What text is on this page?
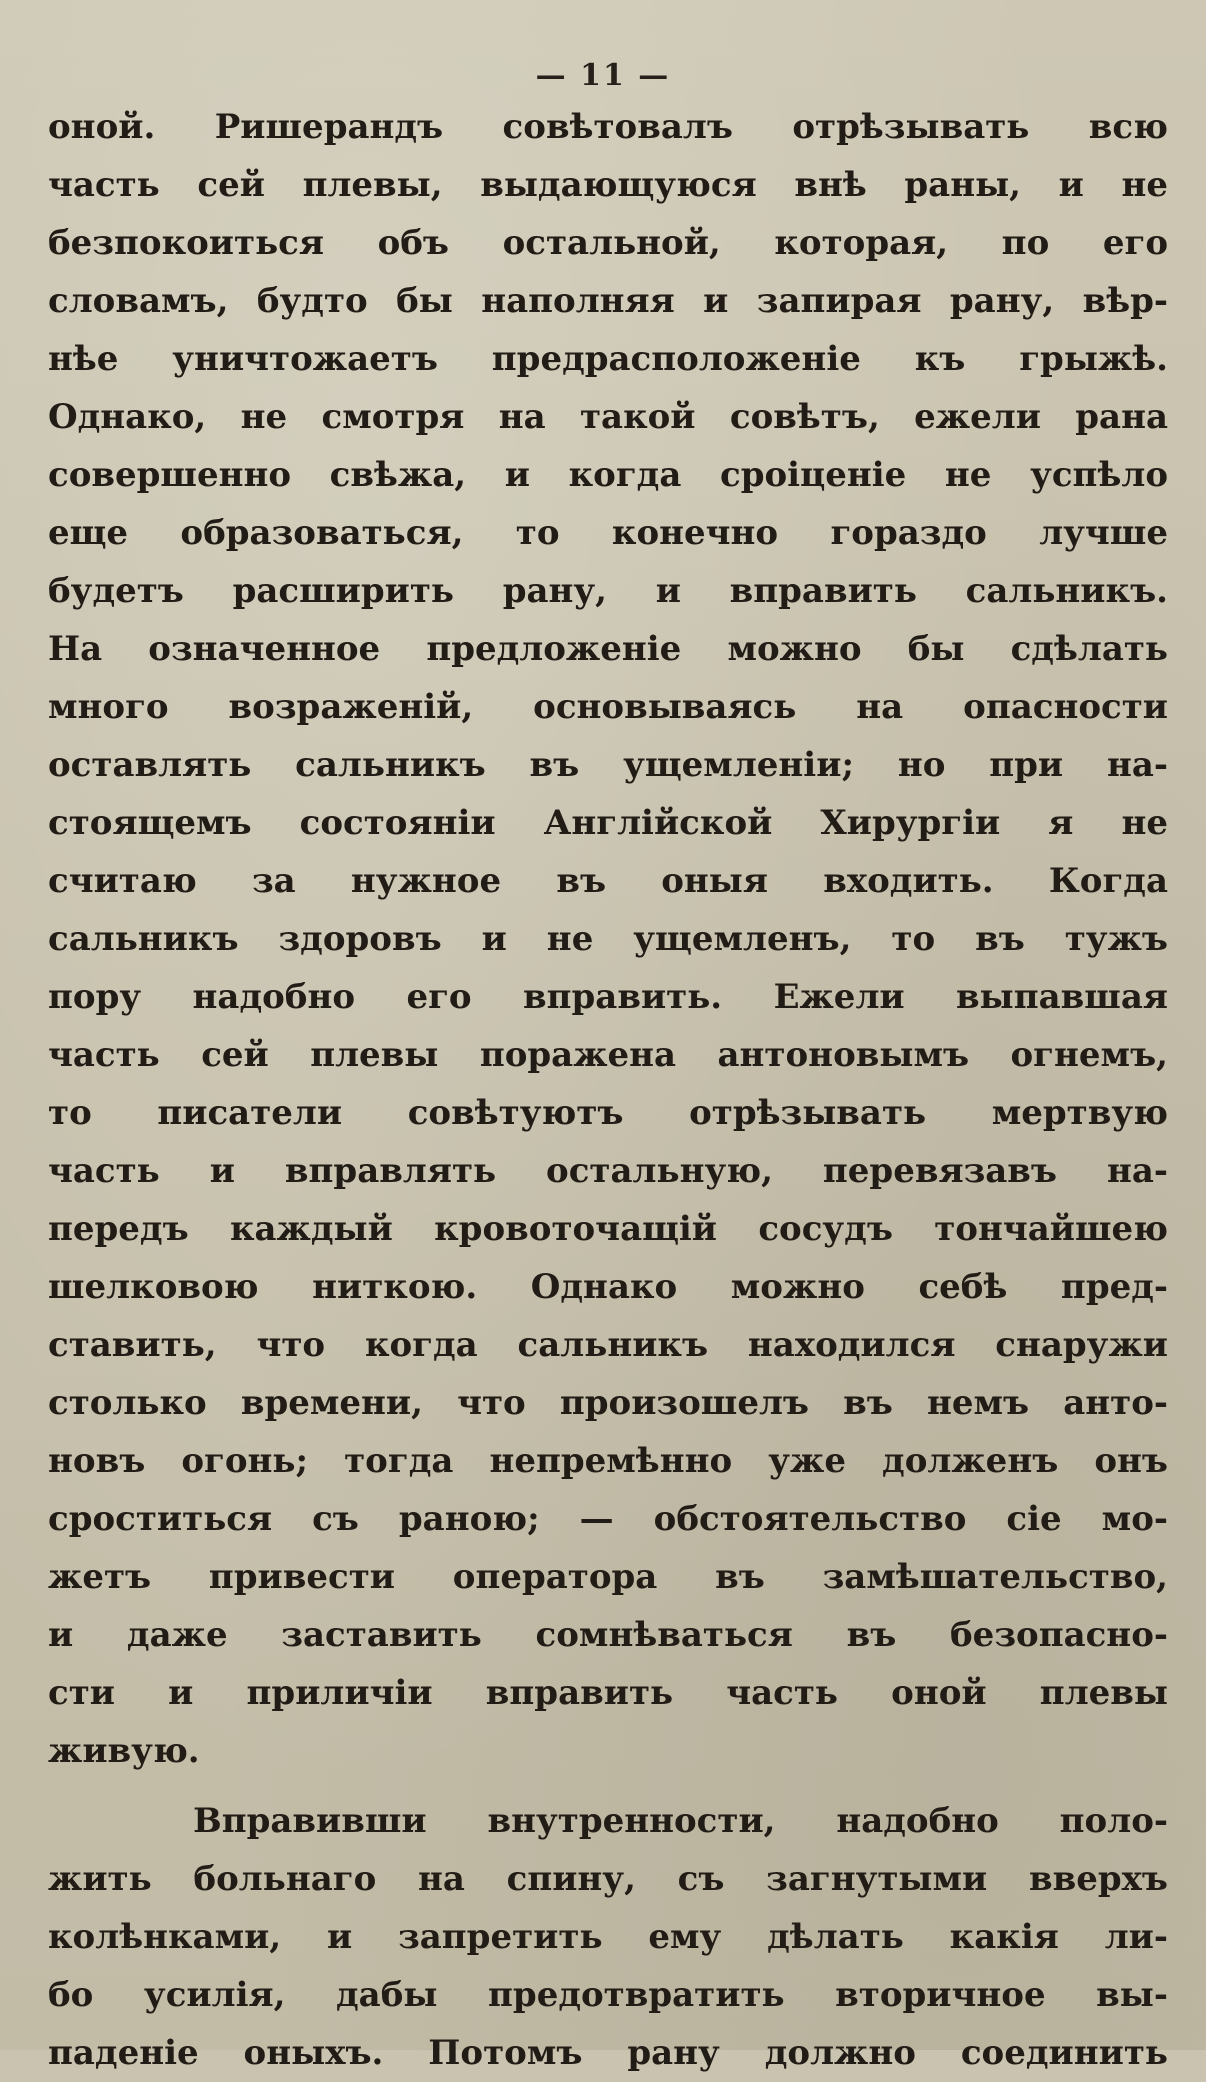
— 11 —
оной. Ришерандъ совѣтовалъ отрѣзывать всю
часть сей плевы, выдающуюся внѣ раны, и не
безпокоиться объ остальной, которая, по его
словамъ, будто бы наполняя и запирая рану, вѣр-
нѣе уничтожаетъ предрасположеніе къ грыжѣ.
Однако, не смотря на такой совѣтъ, ежели рана
совершенно свѣжа, и когда сроіценіе не успѣло
еще образоваться, то конечно гораздо лучше
будетъ расширить рану, и вправить сальникъ.
На означенное предложеніе можно бы сдѣлать
много возраженій, основываясь на опасности
оставлять сальникъ въ ущемленіи; но при на-
стоящемъ состояніи Англійской Хирургіи я не
считаю за нужное въ оныя входить. Когда
сальникъ здоровъ и не ущемленъ, то въ тужъ
пору надобно его вправить. Ежели выпавшая
часть сей плевы поражена антоновымъ огнемъ,
то писатели совѣтуютъ отрѣзывать мертвую
часть и вправлять остальную, перевязавъ на-
передъ каждый кровоточащій сосудъ тончайшею
шелковою ниткою. Однако можно себѣ пред-
ставить, что когда сальникъ находился снаружи
столько времени, что произошелъ въ немъ анто-
новъ огонь; тогда непремѣнно уже долженъ онъ
сроститься съ раною; — обстоятельство сіе мо-
жетъ привести оператора въ замѣшательство,
и даже заставить сомнѣваться въ безопасно-
сти и приличіи вправить часть оной плевы
живую.
Вправивши внутренности, надобно поло-
жить больнаго на спину, съ загнутыми вверхъ
колѣнками, и запретить ему дѣлать какія ли-
бо усилія, дабы предотвратить вторичное вы-
паденіе оныхъ. Потомъ рану должно соединить
